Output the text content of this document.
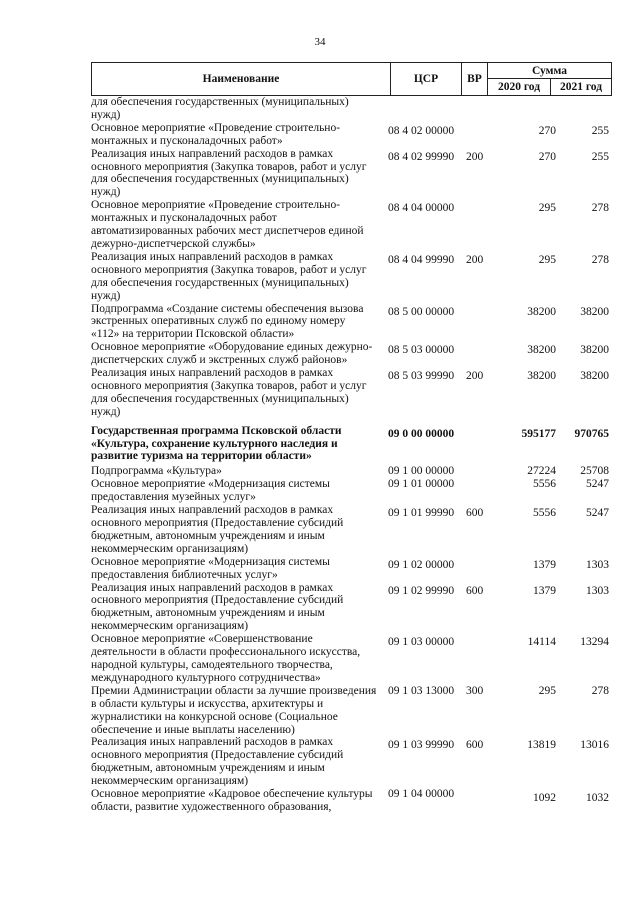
34
Наименование	ЦСР	ВР
Сумма
2020 год	2021 год
для обеспечения государственных (муниципальных)
нужд)
Основное мероприятие «Проведение строительно-
монтажных и пусконаладочных работ»
08 4 02 00000	270	255
Реализация иных направлений расходов в рамках
основного мероприятия (Закупка товаров, работ и услуг
для обеспечения государственных (муниципальных)
нужд)
08 4 02 99990 200	270	255
Основное мероприятие «Проведение строительно-
монтажных и пусконаладочных работ
автоматизированных рабочих мест диспетчеров единой
дежурно-диспетчерской службы»
08 4 04 00000	295	278
Реализация иных направлений расходов в рамках
основного мероприятия (Закупка товаров, работ и услуг
для обеспечения государственных (муниципальных)
нужд)
08 4 04 99990 200	295	278
Подпрограмма «Создание системы обеспечения вызова
экстренных оперативных служб по единому номеру
«112» на территории Псковской области»
08 5 00 00000	38200 38200
Основное мероприятие «Оборудование единых дежурно-
диспетчерских служб и экстренных служб районов»
08 5 03 00000	38200 38200
Реализация иных направлений расходов в рамках
основного мероприятия (Закупка товаров, работ и услуг
для обеспечения государственных (муниципальных)
нужд)
08 5 03 99990 200	38200 38200
Государственная программа Псковской области
«Культура, сохранение культурного наследия и
развитие туризма на территории области»
09 0 00 00000	595177 970765
Подпрограмма «Культура»	09 1 00 00000	27224 25708
Основное мероприятие «Модернизация системы
предоставления музейных услуг»
09 1 01 00000	5556	5247
Реализация иных направлений расходов в рамках
основного мероприятия (Предоставление субсидий
бюджетным, автономным учреждениям и иным
некоммерческим организациям)
09 1 01 99990 600	5556	5247
Основное мероприятие «Модернизация системы
предоставления библиотечных услуг»
09 1 02 00000	1379	1303
Реализация иных направлений расходов в рамках
основного мероприятия (Предоставление субсидий
бюджетным, автономным учреждениям и иным
некоммерческим организациям)
09 1 02 99990 600	1379	1303
Основное мероприятие «Совершенствование
деятельности в области профессионального искусства,
народной культуры, самодеятельного творчества,
международного культурного сотрудничества»
09 1 03 00000	14114 13294
Премии Администрации области за лучшие произведения
в области культуры и искусства, архитектуры и
журналистики на конкурсной основе (Социальное
обеспечение и иные выплаты населению)
09 1 03 13000 300	295	278
Реализация иных направлений расходов в рамках
основного мероприятия (Предоставление субсидий
бюджетным, автономным учреждениям и иным
некоммерческим организациям)
09 1 03 99990 600	13819 13016
Основное мероприятие «Кадровое обеспечение культуры
области, развитие художественного образования,
09 1 04 00000	1092	1032
